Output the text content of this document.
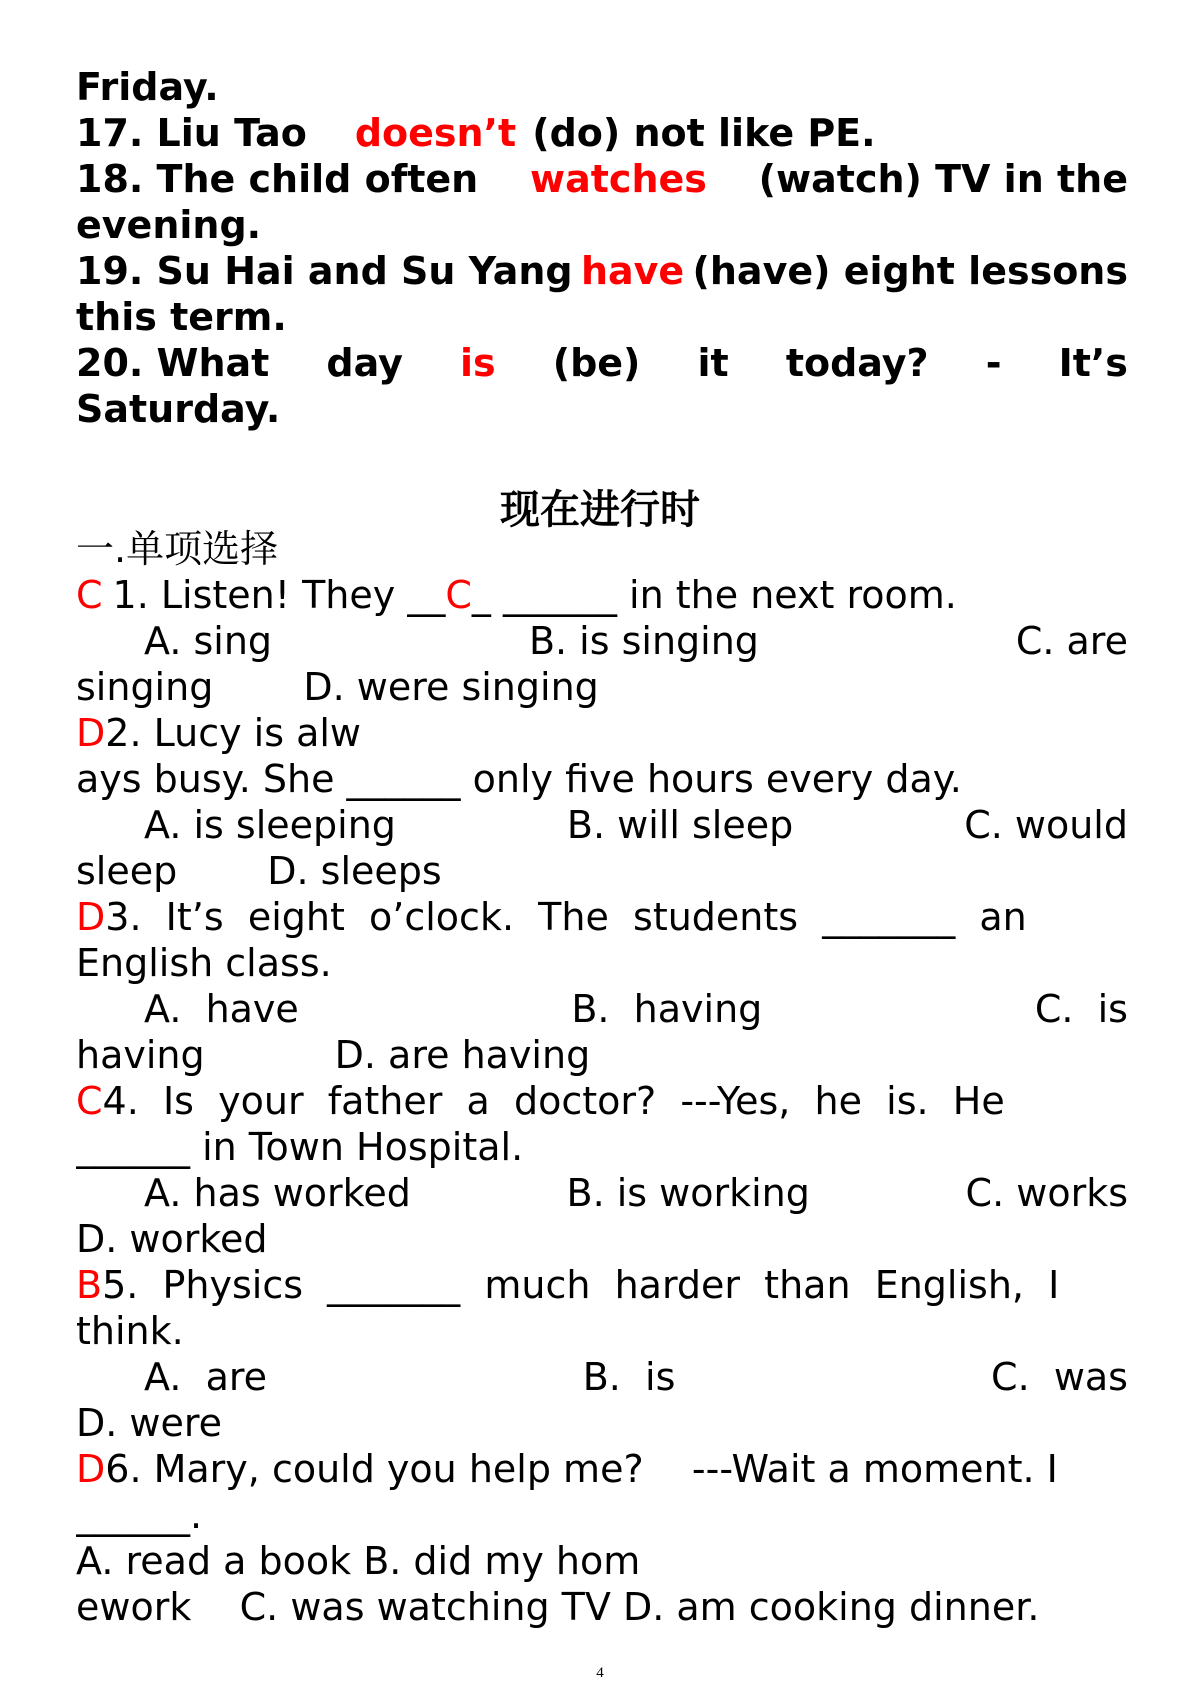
Friday.
17. Liu Tao doesn’t (do) not like PE.
18. The child often watches (watch) TV in the
evening.
19. Su Hai and Su Yang have (have) eight lessons
this term.
20. What day is (be) it today? - It’s
Saturday.
现在进行时
一.单项选择
C 1. Listen! They __ C _ ______ in the next room.
A. sing	B. is singing	C. are
singing D. were singing
D 2. Lucy is alw
ays busy. She ______ only five hours every day.
A. is sleeping	B. will sleep	C. would
sleep D. sleeps
D 3.  It’s  eight  o’clock.  The  students  _______  an
English class.
A.  have	B.  having	C.  is
having	D. are having
C 4.  Is  your  father  a  doctor?  ---Yes,  he  is.  He
______ in Town Hospital.
A. has worked	B. is working	C. works
D. worked
B 5.  Physics  _______  much  harder  than  English,  I
think.
A.  are	B.  is	C.  was
D. were
D 6. Mary, could you help me?    ---Wait a moment. I
______.
A. read a book B. did my hom
ework    C. was watching TV D. am cooking dinner.
4
